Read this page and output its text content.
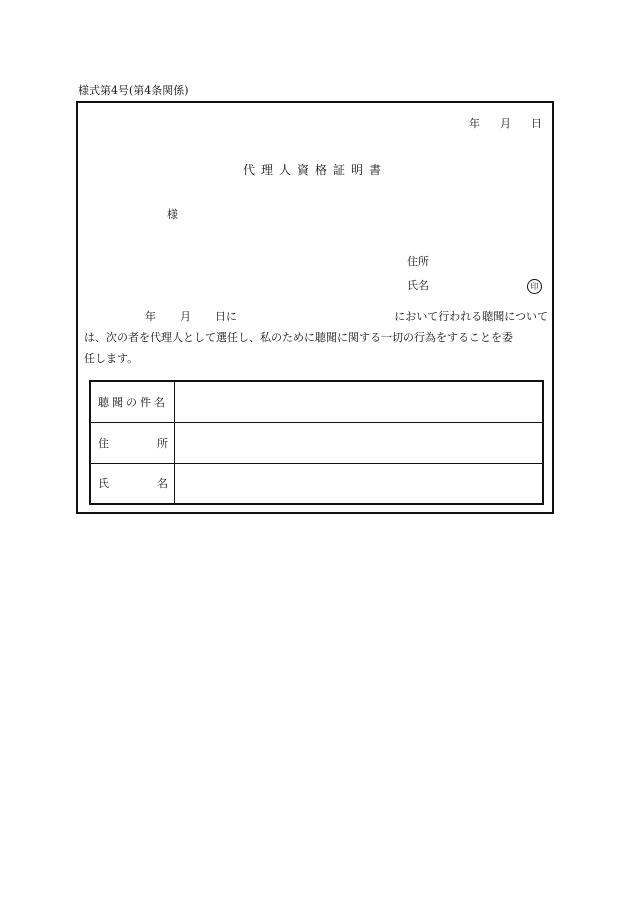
様式第4号(第4条関係)
年 月 日
代理人資格証明書
様
住所
氏名	印
年 月 日に	において行われる聴聞について
は、次の者を代理人として選任し、私のために聴聞に関する一切の行為をすることを委
任します。
聴聞の件名	

住 所	

氏 名	
